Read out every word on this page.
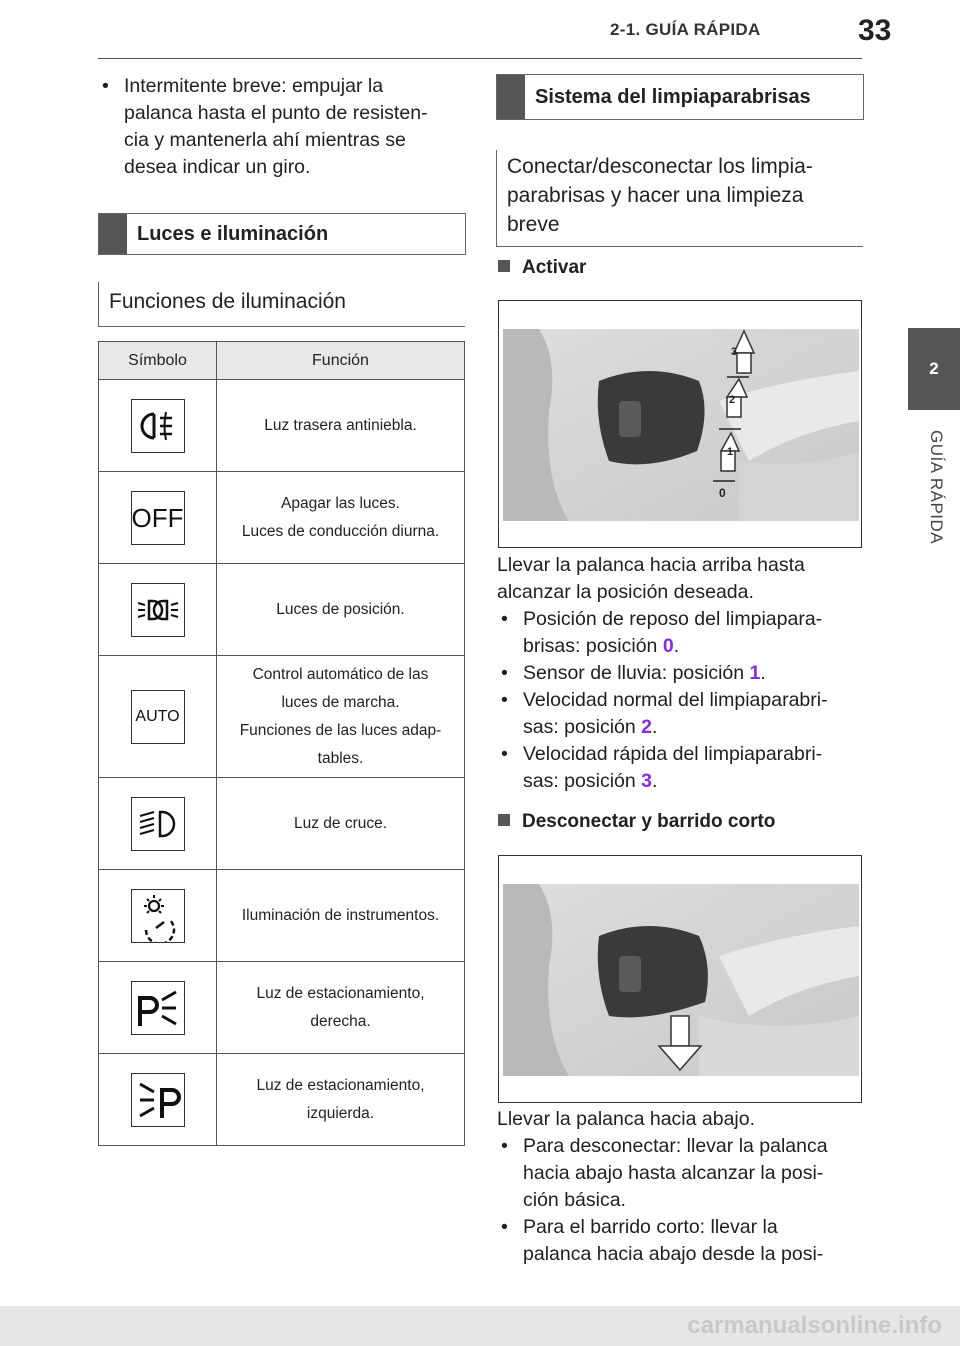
2-1. GUÍA RÁPIDA	33
2
GUÍA RÁPIDA
• Intermitente breve: empujar la
palanca hasta el punto de resisten-
cia y mantenerla ahí mientras se
desea indicar un giro.
Luces e iluminación
Funciones de iluminación
Símbolo	Función

Luz trasera antiniebla.

OFF	Apagar las luces.
Luces de conducción diurna.

Luces de posición.

AUTO	Control automático de las
luces de marcha.
Funciones de las luces adap-
tables.

Luz de cruce.

Iluminación de instrumentos.

Luz de estacionamiento,
derecha.

Luz de estacionamiento,
izquierda.
Sistema del limpiaparabrisas
Conectar/desconectar los limpia-
parabrisas y hacer una limpieza
breve
Activar
3
2
1
0
Llevar la palanca hacia arriba hasta
alcanzar la posición deseada.
• Posición de reposo del limpiapara-
brisas: posición 0.
• Sensor de lluvia: posición 1.
• Velocidad normal del limpiaparabri-
sas: posición 2.
• Velocidad rápida del limpiaparabri-
sas: posición 3.
Desconectar y barrido corto
Llevar la palanca hacia abajo.
• Para desconectar: llevar la palanca
hacia abajo hasta alcanzar la posi-
ción básica.
• Para el barrido corto: llevar la
palanca hacia abajo desde la posi-
carmanualsonline.info
